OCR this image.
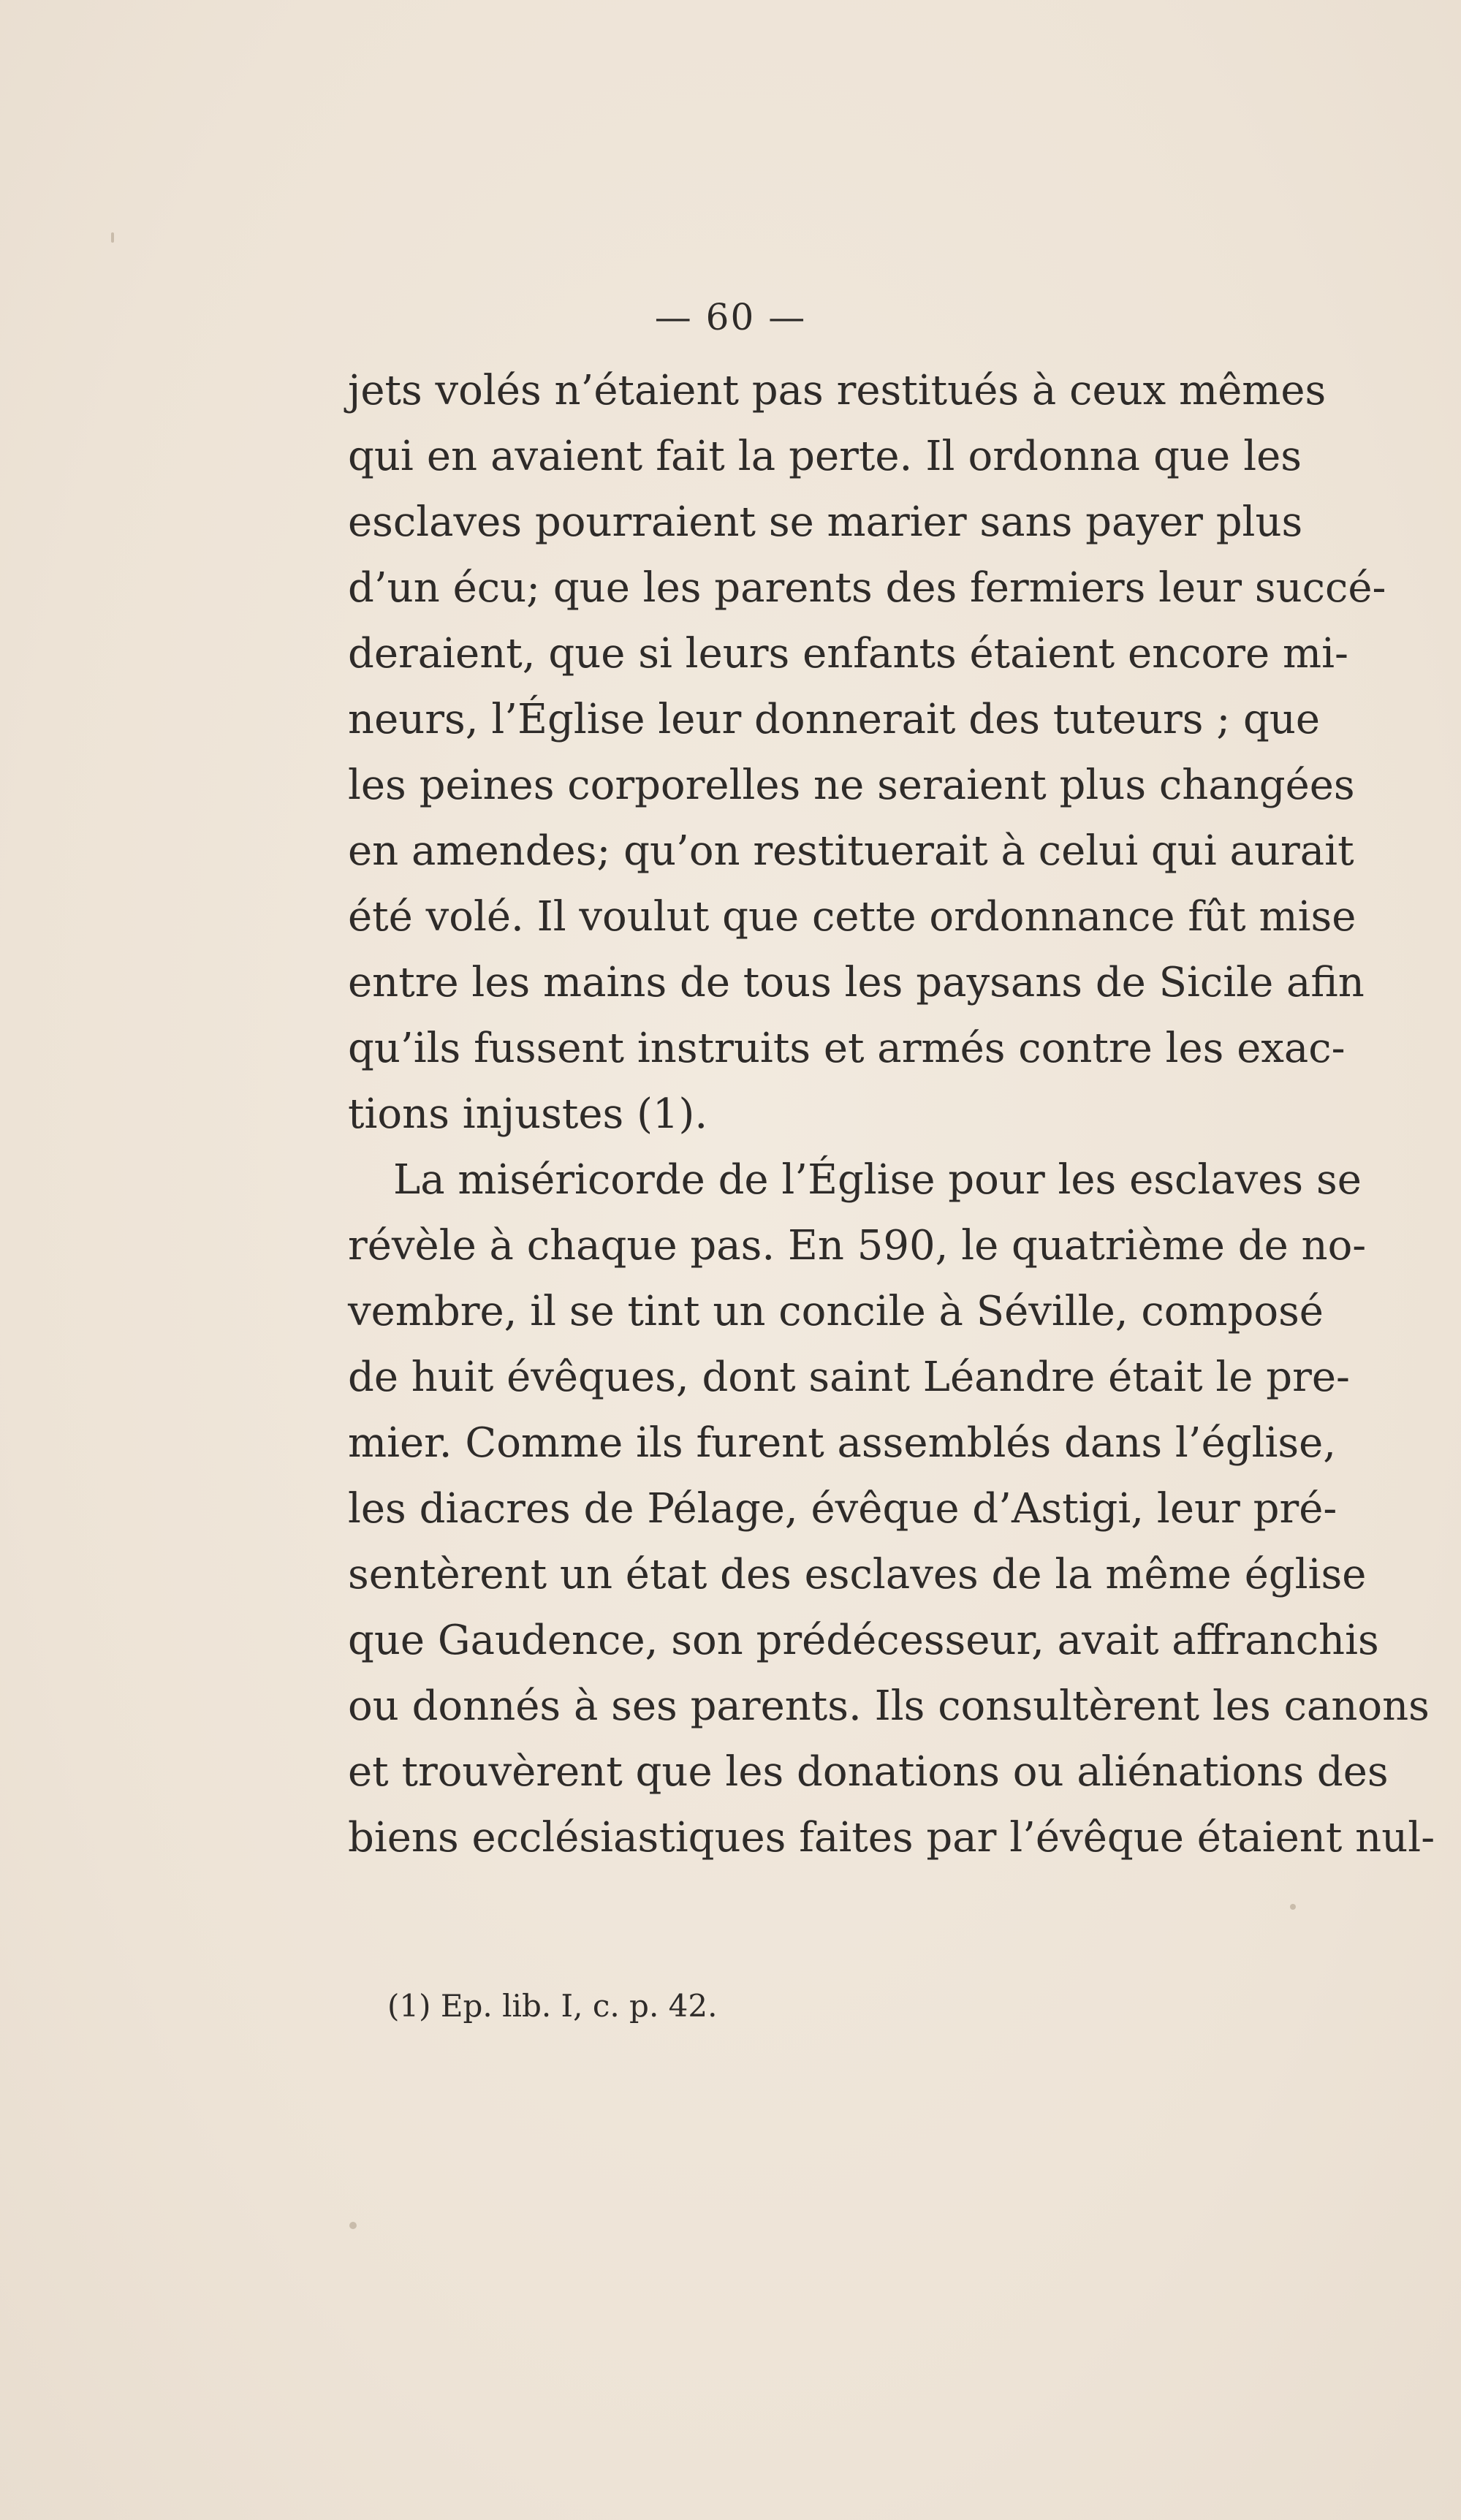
— 60 —
jets volés n’étaient pas restitués à ceux mêmes
qui en avaient fait la perte. Il ordonna que les
esclaves pourraient se marier sans payer plus
d’un écu; que les parents des fermiers leur succé-
deraient, que si leurs enfants étaient encore mi-
neurs, l’Église leur donnerait des tuteurs ; que
les peines corporelles ne seraient plus changées
en amendes; qu’on restituerait à celui qui aurait
été volé. Il voulut que cette ordonnance fût mise
entre les mains de tous les paysans de Sicile afin
qu’ils fussent instruits et armés contre les exac-
tions injustes (1).
La miséricorde de l’Église pour les esclaves se
révèle à chaque pas. En 590, le quatrième de no-
vembre, il se tint un concile à Séville, composé
de huit évêques, dont saint Léandre était le pre-
mier. Comme ils furent assemblés dans l’église,
les diacres de Pélage, évêque d’Astigi, leur pré-
sentèrent un état des esclaves de la même église
que Gaudence, son prédécesseur, avait affranchis
ou donnés à ses parents. Ils consultèrent les canons
et trouvèrent que les donations ou aliénations des
biens ecclésiastiques faites par l’évêque étaient nul-
(1) Ep. lib. I, c. p. 42.
